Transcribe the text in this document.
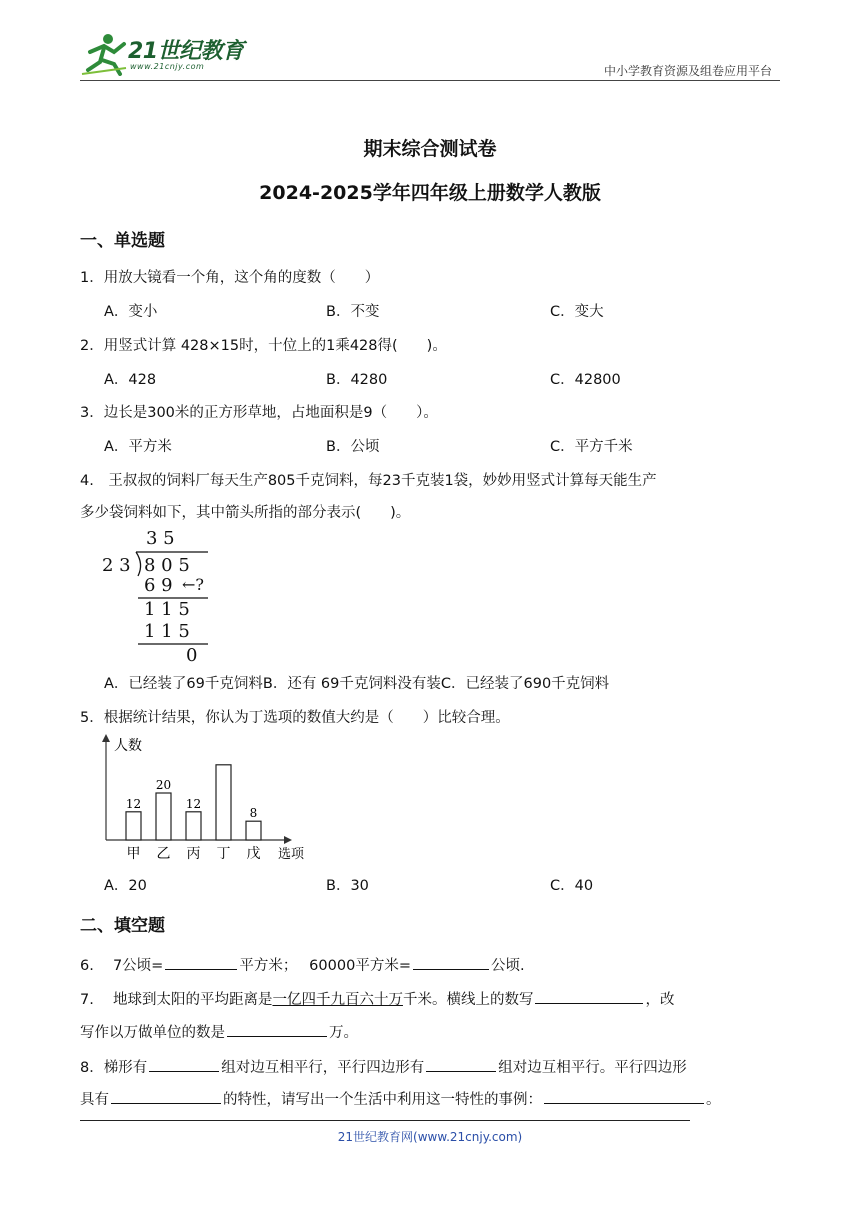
21世纪教育
www.21cnjy.com	中小学教育资源及组卷应用平台
期末综合测试卷
2024-2025学年四年级上册数学人教版
一、单选题
1．用放大镜看一个角，这个角的度数（　　）
A．变小	B．不变	C．变大
2．用竖式计算 428×15时，十位上的1乘428得(　　)。
A．428	B．4280	C．42800
3．边长是300米的正方形草地，占地面积是9（　　）。
A．平方米	B．公顷	C．平方千米
4.　王叔叔的饲料厂每天生产805千克饲料，每23千克装1袋，妙妙用竖式计算每天能生产
多少袋饲料如下，其中箭头所指的部分表示(　　)。
3 5
2 3 8 0 5
6 9 ←?
1 1 5
1 1 5
0
A．已经装了69千克饲料B．还有 69千克饲料没有装C．已经装了690千克饲料
5．根据统计结果，你认为丁选项的数值大约是（　　）比较合理。
人数
选项
12
甲
20
乙
12
丙 丁
8
戊
A．20	B．30	C．40
二、填空题
6.　 7公顷=	平方米；　 60000平方米=	公顷.
7.　 地球到太阳的平均距离是一亿四千九百六十万千米。横线上的数写	，改
写作以万做单位的数是	万。
8．梯形有	组对边互相平行，平行四边形有	组对边互相平行。平行四边形
具有	的特性，请写出一个生活中利用这一特性的事例：	。
21世纪教育网(www.21cnjy.com)
